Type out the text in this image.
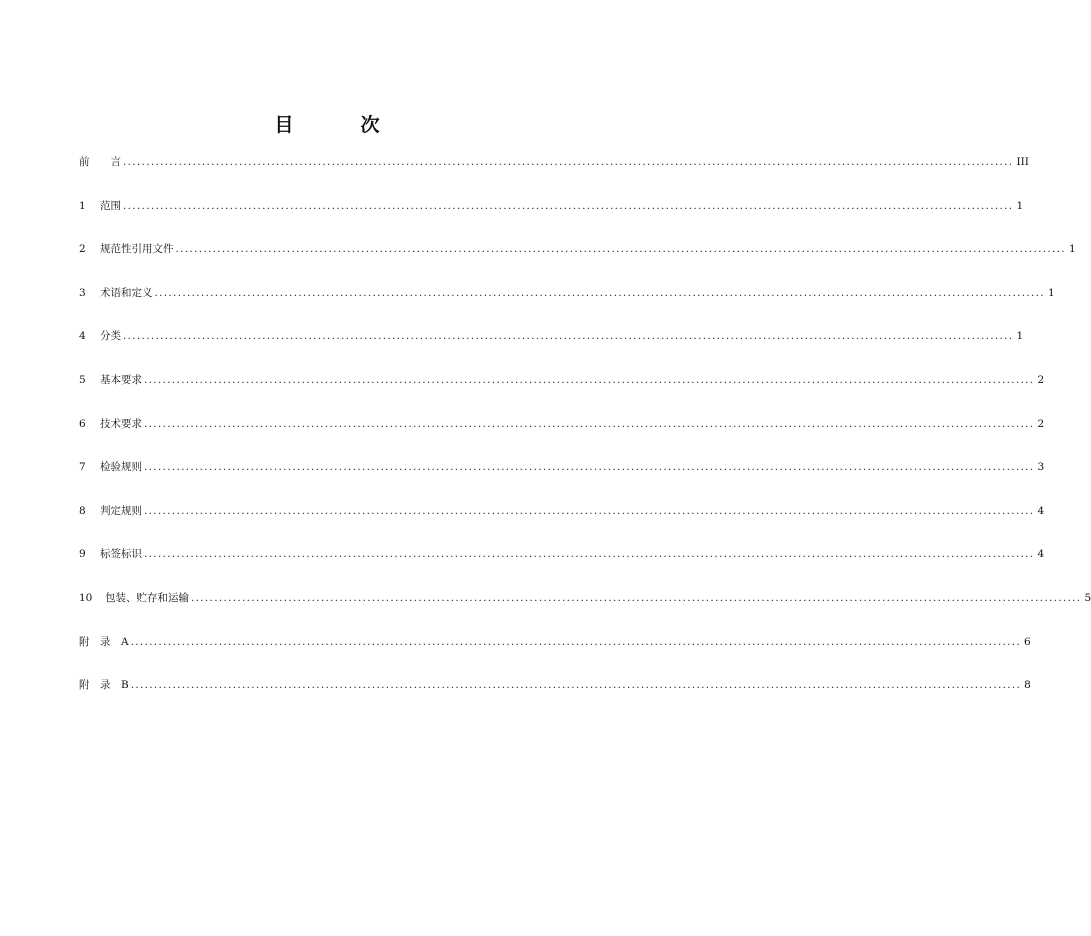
目　次
前　　言 ................................................................................................................................................................................................ III
1	范围 ................................................................................................................................................................................................ 1
2	规范性引用文件 ................................................................................................................................................................................................ 1
3	术语和定义 ................................................................................................................................................................................................ 1
4	分类 ................................................................................................................................................................................................ 1
5	基本要求 ................................................................................................................................................................................................ 2
6	技术要求 ................................................................................................................................................................................................ 2
7	检验规则 ................................................................................................................................................................................................ 3
8	判定规则 ................................................................................................................................................................................................ 4
9	标签标识 ................................................................................................................................................................................................ 4
10	包装、贮存和运输 ................................................................................................................................................................................................ 5
附　录　A ................................................................................................................................................................................................ 6
附　录　B ................................................................................................................................................................................................ 8
